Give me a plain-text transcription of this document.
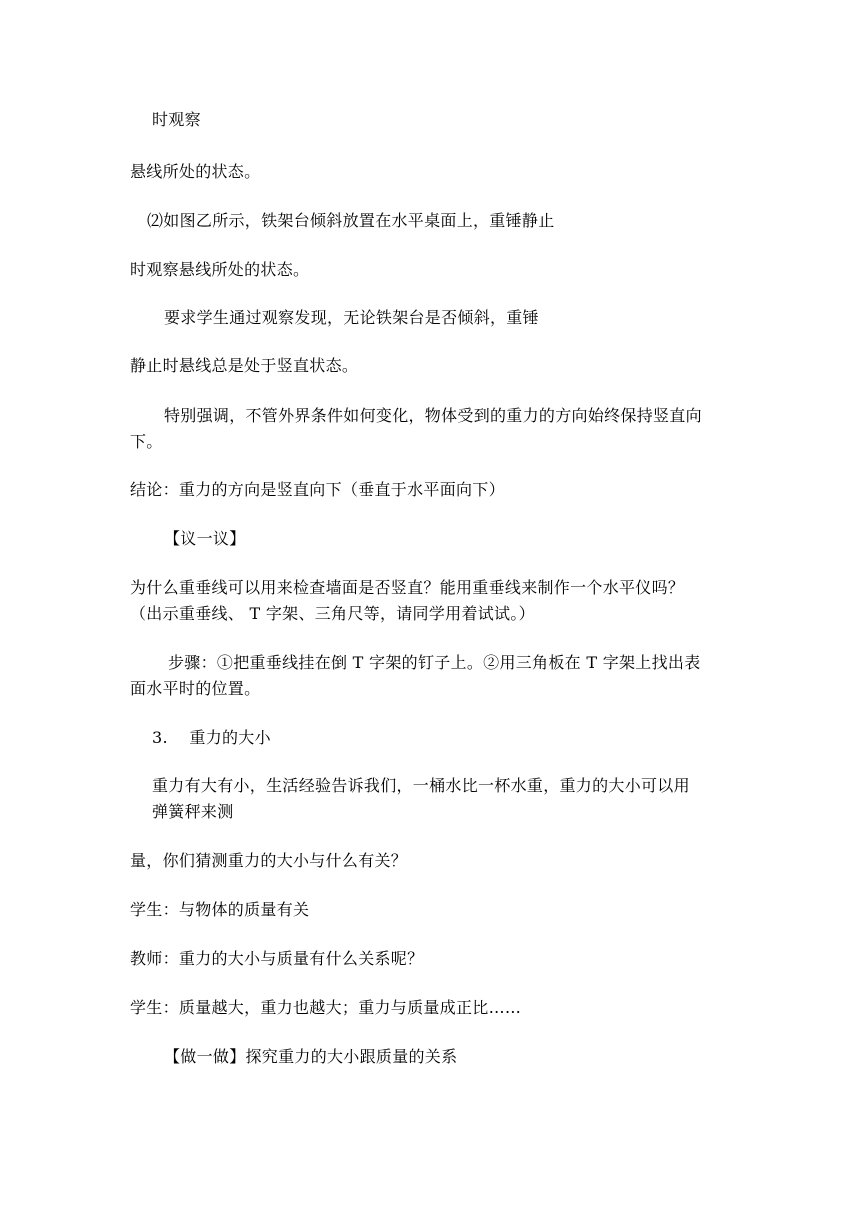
时观察
悬线所处的状态。
⑵如图乙所示，铁架台倾斜放置在水平桌面上，重锤静止
时观察悬线所处的状态。
要求学生通过观察发现，无论铁架台是否倾斜，重锤
静止时悬线总是处于竖直状态。
特别强调，不管外界条件如何变化，物体受到的重力的方向始终保持竖直向
下。
结论：重力的方向是竖直向下（垂直于水平面向下）
【议一议】
为什么重垂线可以用来检查墙面是否竖直？能用重垂线来制作一个水平仪吗？
（出示重垂线、 T 字架、三角尺等，请同学用着试试。）
步骤：①把重垂线挂在倒 T 字架的钉子上。②用三角板在 T 字架上找出表
面水平时的位置。
3.    重力的大小
重力有大有小，生活经验告诉我们，一桶水比一杯水重，重力的大小可以用
弹簧秤来测
量，你们猜测重力的大小与什么有关？
学生：与物体的质量有关
教师：重力的大小与质量有什么关系呢？
学生：质量越大，重力也越大；重力与质量成正比……
【做一做】探究重力的大小跟质量的关系
